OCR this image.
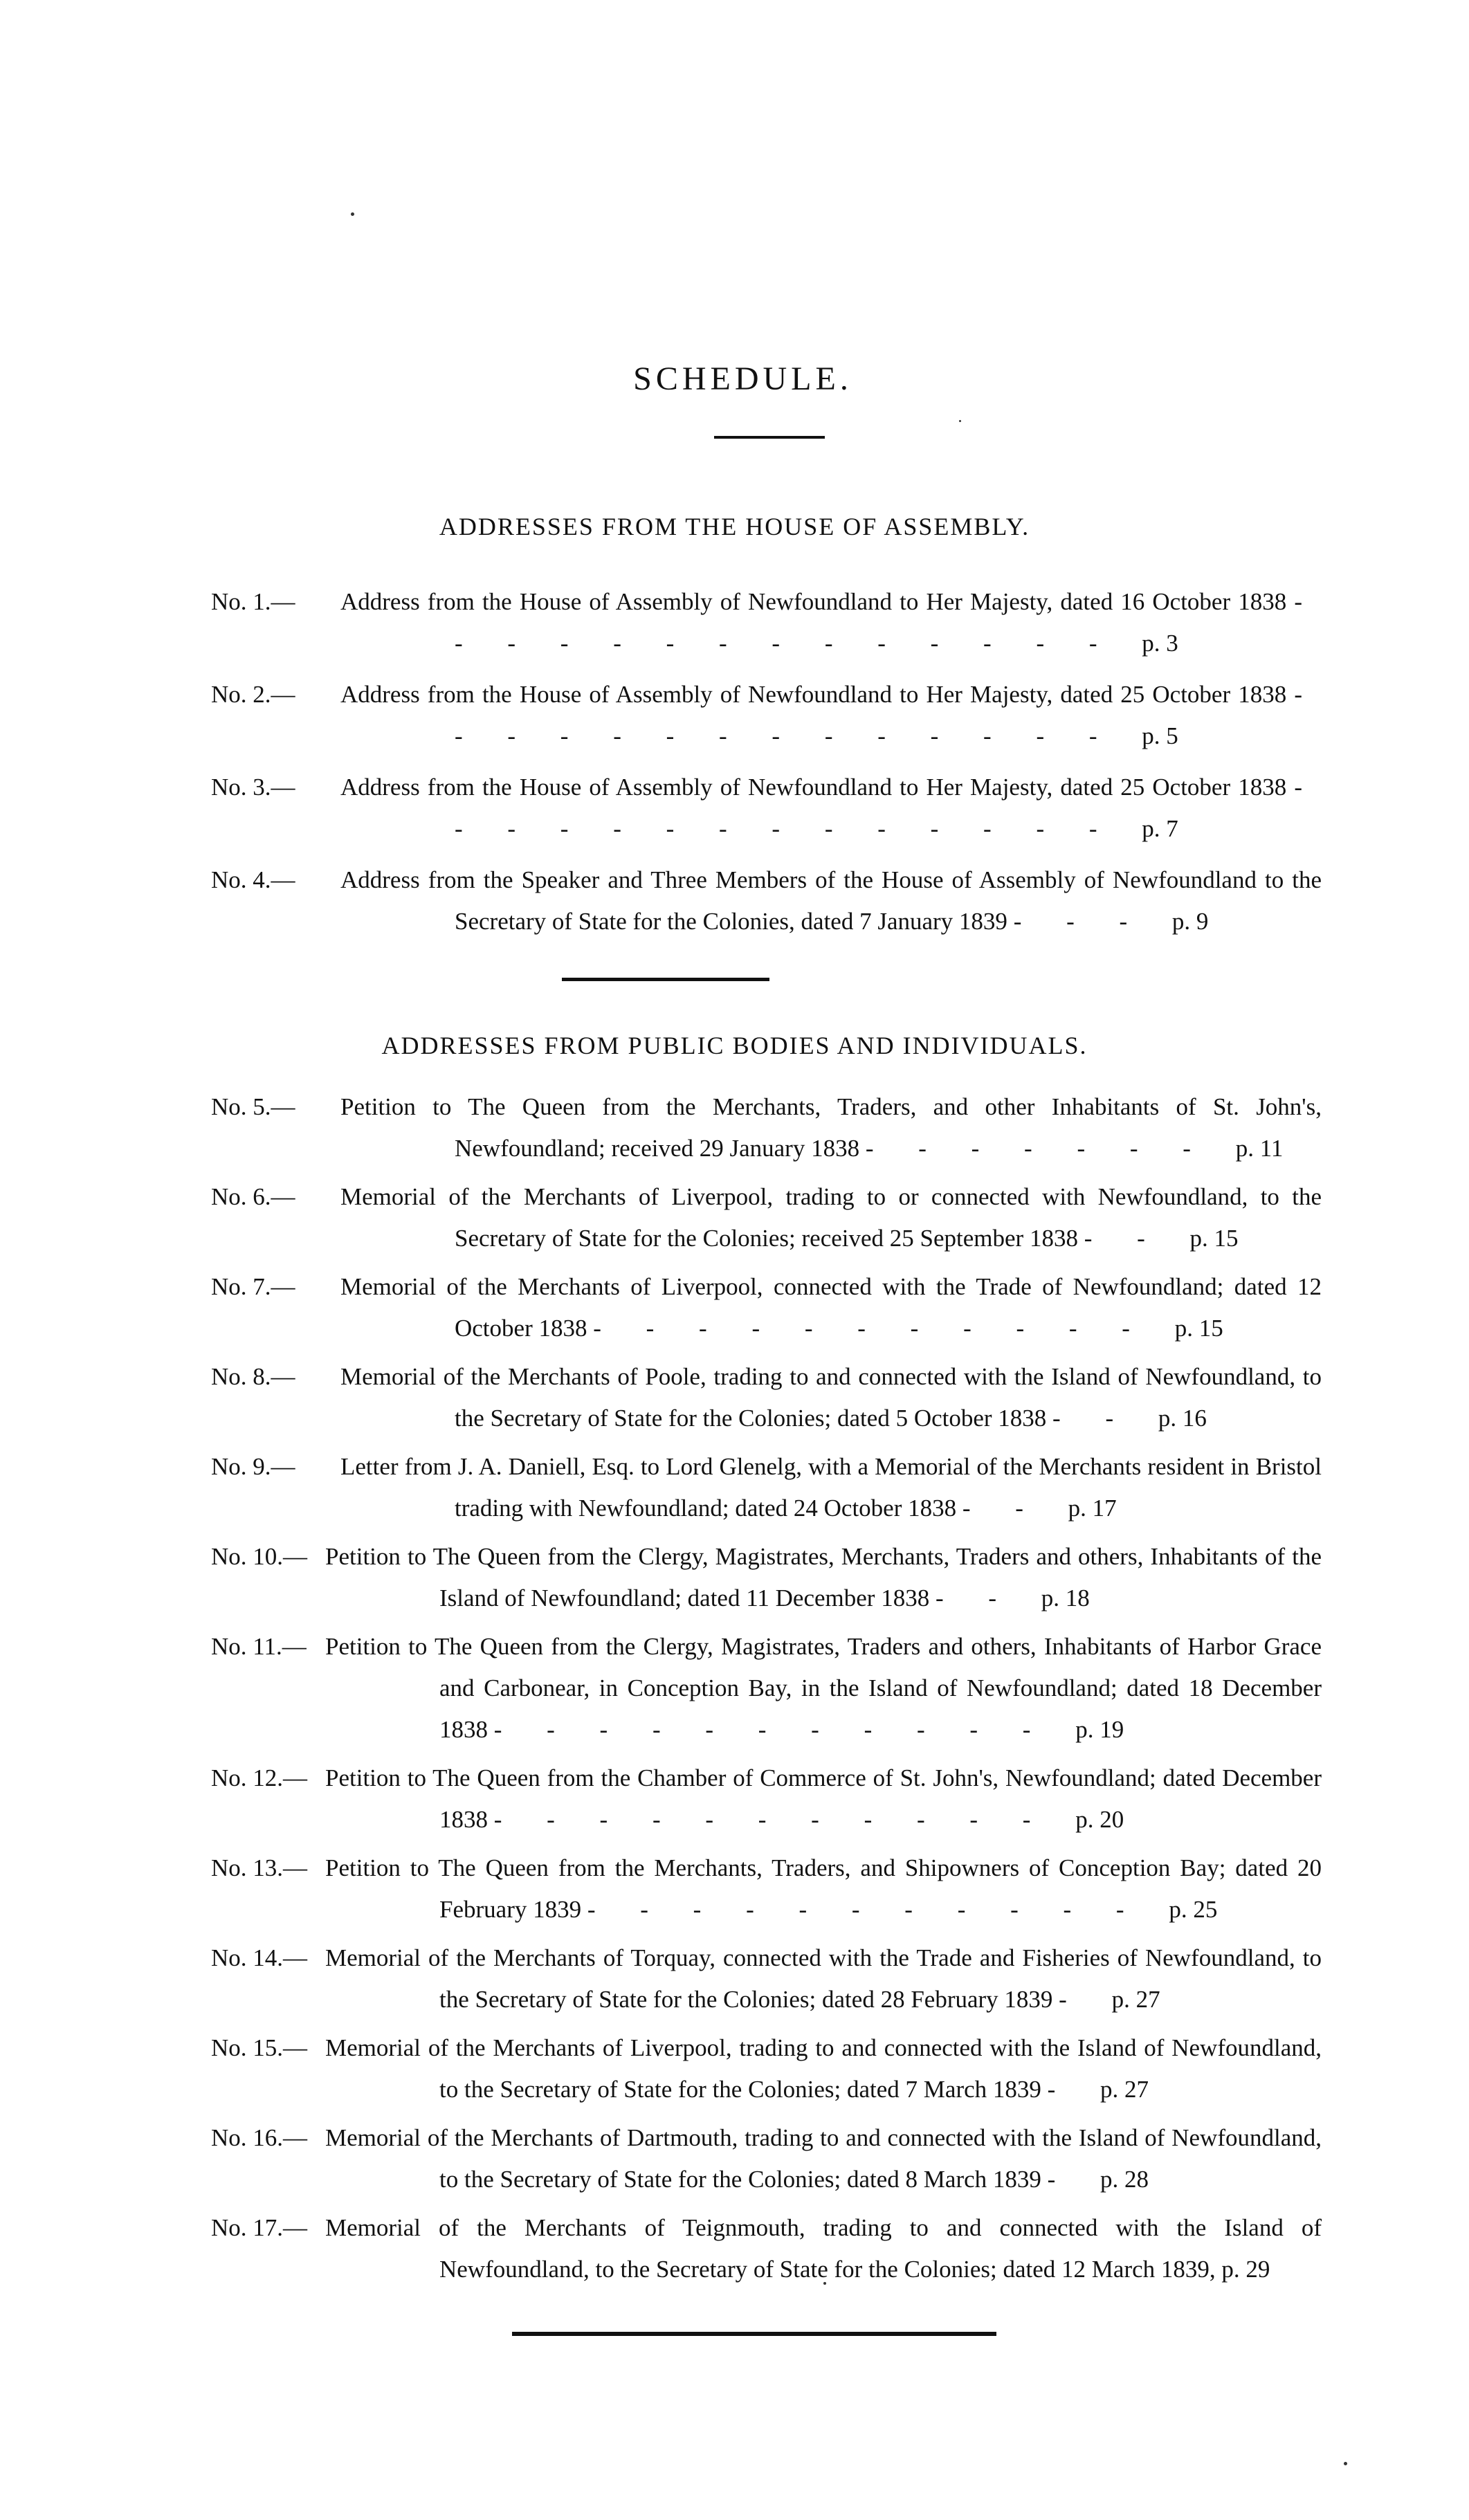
SCHEDULE.
ADDRESSES FROM THE HOUSE OF ASSEMBLY.
No. 1.— Address from the House of Assembly of Newfoundland to Her Majesty, dated 16 October 1838 - - - - - - - - - - - - - - p. 3
No. 2.— Address from the House of Assembly of Newfoundland to Her Majesty, dated 25 October 1838 - - - - - - - - - - - - - - p. 5
No. 3.— Address from the House of Assembly of Newfoundland to Her Majesty, dated 25 October 1838 - - - - - - - - - - - - - - p. 7
No. 4.— Address from the Speaker and Three Members of the House of Assembly of Newfoundland to the Secretary of State for the Colonies, dated 7 January 1839 - - - p. 9
ADDRESSES FROM PUBLIC BODIES AND INDIVIDUALS.
No. 5.— Petition to The Queen from the Merchants, Traders, and other Inhabitants of St. John's, Newfoundland; received 29 January 1838 - - - - - - - p. 11
No. 6.— Memorial of the Merchants of Liverpool, trading to or connected with Newfoundland, to the Secretary of State for the Colonies; received 25 September 1838 - - p. 15
No. 7.— Memorial of the Merchants of Liverpool, connected with the Trade of Newfoundland; dated 12 October 1838 - - - - - - - - - - - p. 15
No. 8.— Memorial of the Merchants of Poole, trading to and connected with the Island of Newfoundland, to the Secretary of State for the Colonies; dated 5 October 1838 - - p. 16
No. 9.— Letter from J. A. Daniell, Esq. to Lord Glenelg, with a Memorial of the Merchants resident in Bristol trading with Newfoundland; dated 24 October 1838 - - p. 17
No. 10.— Petition to The Queen from the Clergy, Magistrates, Merchants, Traders and others, Inhabitants of the Island of Newfoundland; dated 11 December 1838 - - p. 18
No. 11.— Petition to The Queen from the Clergy, Magistrates, Traders and others, Inhabitants of Harbor Grace and Carbonear, in Conception Bay, in the Island of Newfoundland; dated 18 December 1838 - - - - - - - - - - - p. 19
No. 12.— Petition to The Queen from the Chamber of Commerce of St. John's, Newfoundland; dated December 1838 - - - - - - - - - - - p. 20
No. 13.— Petition to The Queen from the Merchants, Traders, and Shipowners of Conception Bay; dated 20 February 1839 - - - - - - - - - - - p. 25
No. 14.— Memorial of the Merchants of Torquay, connected with the Trade and Fisheries of Newfoundland, to the Secretary of State for the Colonies; dated 28 February 1839 - p. 27
No. 15.— Memorial of the Merchants of Liverpool, trading to and connected with the Island of Newfoundland, to the Secretary of State for the Colonies; dated 7 March 1839 - p. 27
No. 16.— Memorial of the Merchants of Dartmouth, trading to and connected with the Island of Newfoundland, to the Secretary of State for the Colonies; dated 8 March 1839 - p. 28
No. 17.— Memorial of the Merchants of Teignmouth, trading to and connected with the Island of Newfoundland, to the Secretary of State for the Colonies; dated 12 March 1839, p. 29
